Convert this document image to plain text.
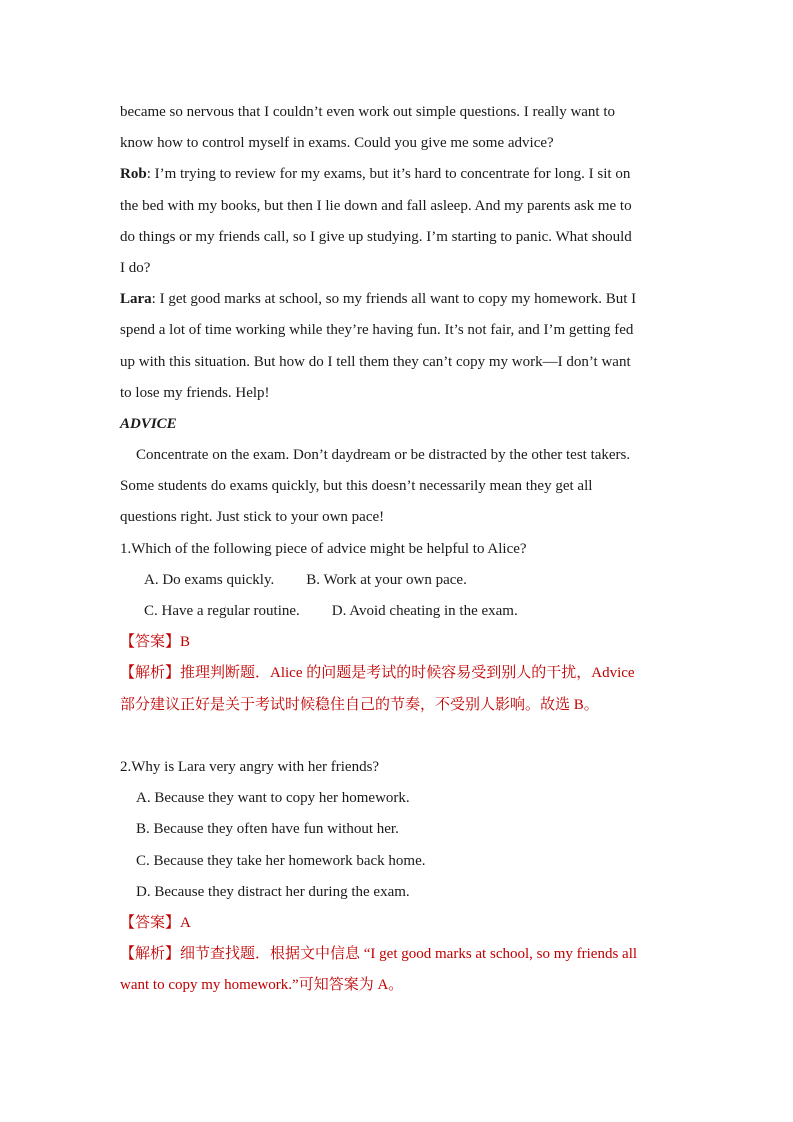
became so nervous that I couldn’t even work out simple questions. I really want to
know how to control myself in exams. Could you give me some advice?
Rob: I’m trying to review for my exams, but it’s hard to concentrate for long. I sit on
the bed with my books, but then I lie down and fall asleep. And my parents ask me to
do things or my friends call, so I give up studying. I’m starting to panic. What should
I do?
Lara: I get good marks at school, so my friends all want to copy my homework. But I
spend a lot of time working while they’re having fun. It’s not fair, and I’m getting fed
up with this situation. But how do I tell them they can’t copy my work—I don’t want
to lose my friends. Help!
ADVICE
Concentrate on the exam. Don’t daydream or be distracted by the other test takers.
Some students do exams quickly, but this doesn’t necessarily mean they get all
questions right. Just stick to your own pace!
1.Which of the following piece of advice might be helpful to Alice?
A. Do exams quickly. B. Work at your own pace.
C. Have a regular routine. D. Avoid cheating in the exam.
【答案】B
【解析】推理判断题．Alice 的问题是考试的时候容易受到别人的干扰，Advice
部分建议正好是关于考试时候稳住自己的节奏，不受别人影响。故选 B。
2.Why is Lara very angry with her friends?
A. Because they want to copy her homework.
B. Because they often have fun without her.
C. Because they take her homework back home.
D. Because they distract her during the exam.
【答案】A
【解析】细节查找题．根据文中信息 “I get good marks at school, so my friends all
want to copy my homework.”可知答案为 A。
